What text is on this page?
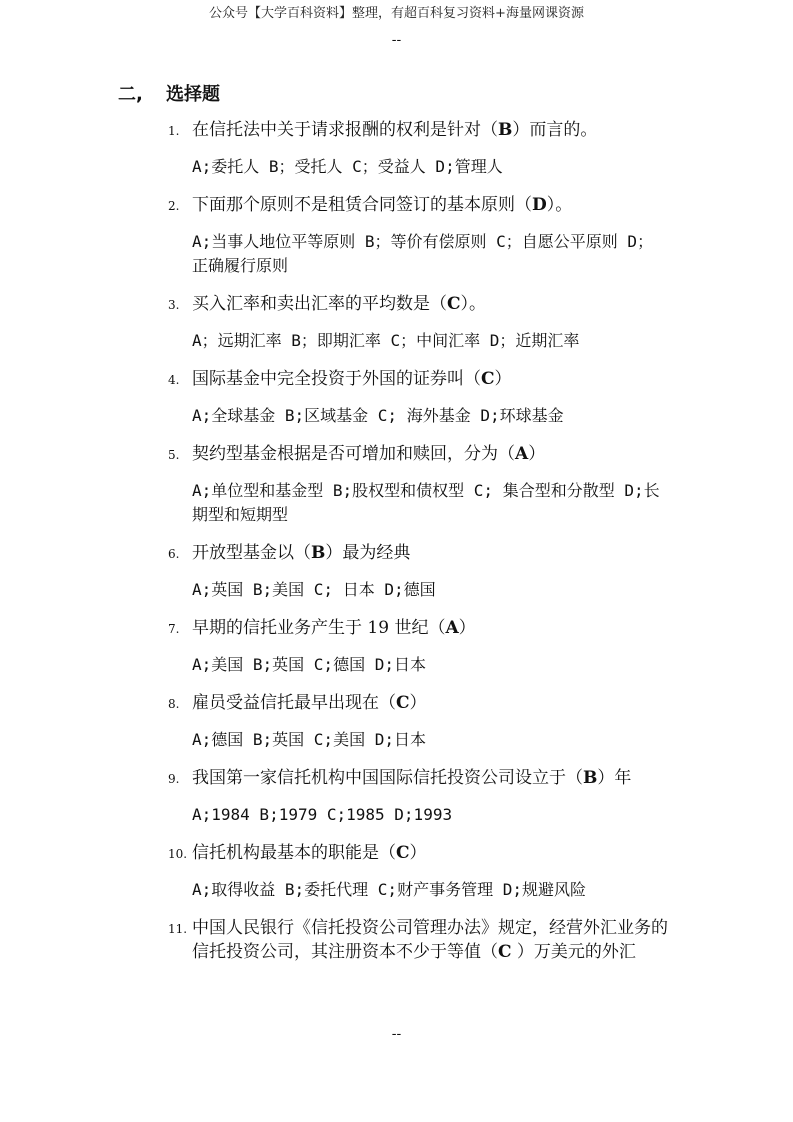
公众号【大学百科资料】整理，有超百科复习资料+海量网课资源
--
二, 选择题
1. 在信托法中关于请求报酬的权利是针对（B）而言的。
A;委托人 B；受托人 C；受益人 D;管理人
2. 下面那个原则不是租赁合同签订的基本原则（D）。
A;当事人地位平等原则 B；等价有偿原则 C；自愿公平原则 D；正确履行原则
3. 买入汇率和卖出汇率的平均数是（C）。
A；远期汇率 B；即期汇率 C；中间汇率 D；近期汇率
4. 国际基金中完全投资于外国的证券叫（C）
A;全球基金 B;区域基金 C; 海外基金 D;环球基金
5. 契约型基金根据是否可增加和赎回，分为（A）
A;单位型和基金型 B;股权型和债权型 C; 集合型和分散型 D;长期型和短期型
6. 开放型基金以（B）最为经典
A;英国 B;美国 C; 日本 D;德国
7. 早期的信托业务产生于 19 世纪（A）
A;美国 B;英国 C;德国 D;日本
8. 雇员受益信托最早出现在（C）
A;德国 B;英国 C;美国 D;日本
9. 我国第一家信托机构中国国际信托投资公司设立于（B）年
A;1984 B;1979 C;1985 D;1993
10. 信托机构最基本的职能是（C）
A;取得收益 B;委托代理 C;财产事务管理 D;规避风险
11. 中国人民银行《信托投资公司管理办法》规定，经营外汇业务的信托投资公司，其注册资本不少于等值（C ）万美元的外汇
--
